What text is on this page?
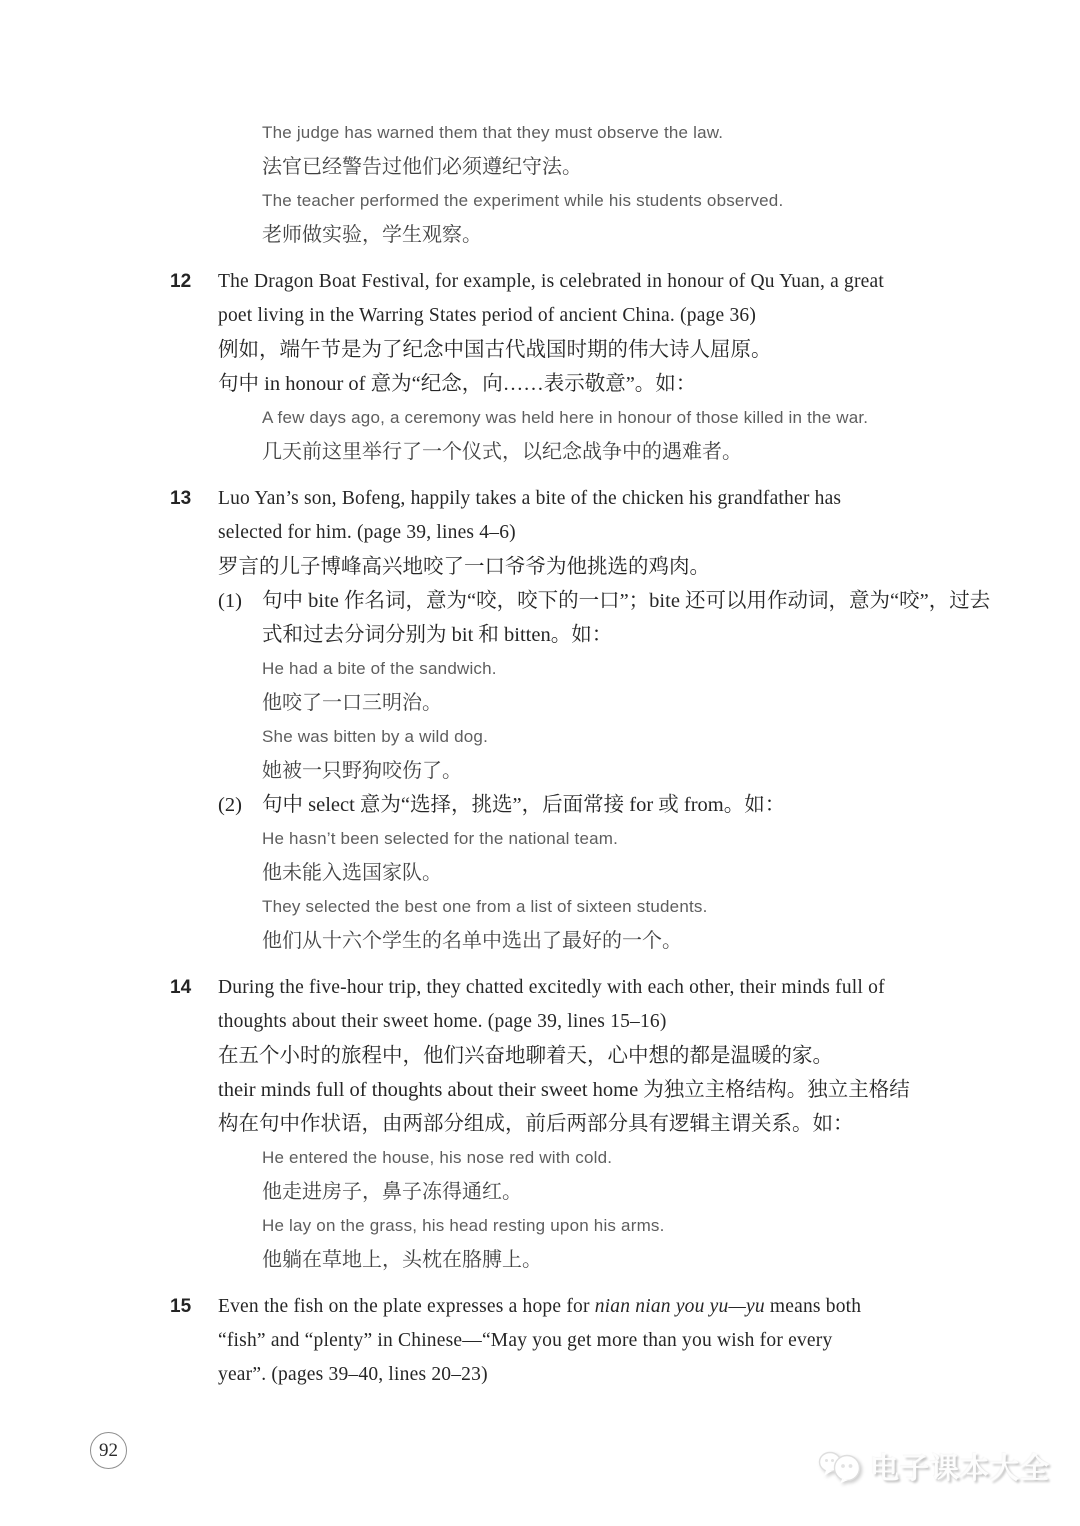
The judge has warned them that they must observe the law.
法官已经警告过他们必须遵纪守法。
The teacher performed the experiment while his students observed.
老师做实验，学生观察。
12	The Dragon Boat Festival, for example, is celebrated in honour of Qu Yuan, a great
poet living in the Warring States period of ancient China. (page 36)
例如，端午节是为了纪念中国古代战国时期的伟大诗人屈原。
句中 in honour of 意为“纪念，向……表示敬意”。如：
A few days ago, a ceremony was held here in honour of those killed in the war.
几天前这里举行了一个仪式，以纪念战争中的遇难者。
13	Luo Yan’s son, Bofeng, happily takes a bite of the chicken his grandfather has
selected for him. (page 39, lines 4–6)
罗言的儿子博峰高兴地咬了一口爷爷为他挑选的鸡肉。
(1) 句中 bite 作名词，意为“咬，咬下的一口”；bite 还可以用作动词，意为“咬”，过去
式和过去分词分别为 bit 和 bitten。如：
He had a bite of the sandwich.
他咬了一口三明治。
She was bitten by a wild dog.
她被一只野狗咬伤了。
(2) 句中 select 意为“选择，挑选”，后面常接 for 或 from。如：
He hasn’t been selected for the national team.
他未能入选国家队。
They selected the best one from a list of sixteen students.
他们从十六个学生的名单中选出了最好的一个。
14	During the five-hour trip, they chatted excitedly with each other, their minds full of
thoughts about their sweet home. (page 39, lines 15–16)
在五个小时的旅程中，他们兴奋地聊着天，心中想的都是温暖的家。
their minds full of thoughts about their sweet home 为独立主格结构。独立主格结
构在句中作状语，由两部分组成，前后两部分具有逻辑主谓关系。如：
He entered the house, his nose red with cold.
他走进房子，鼻子冻得通红。
He lay on the grass, his head resting upon his arms.
他躺在草地上，头枕在胳膊上。
15	Even the fish on the plate expresses a hope for nian nian you yu—yu means both
“fish” and “plenty” in Chinese—“May you get more than you wish for every
year”. (pages 39–40, lines 20–23)
92
电子课本大全
